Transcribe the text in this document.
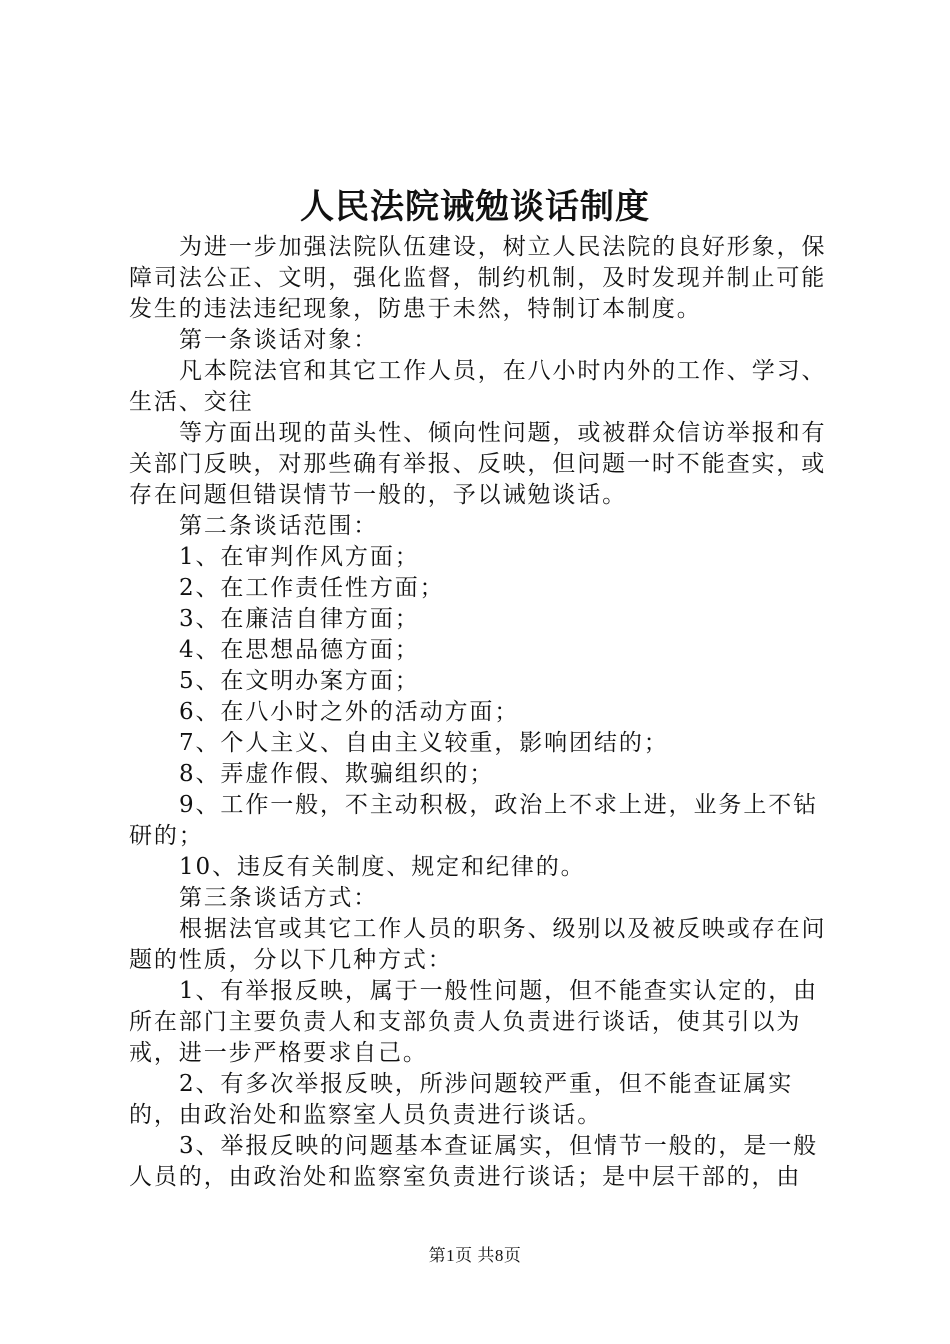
人民法院诫勉谈话制度

为进一步加强法院队伍建设，树立人民法院的良好形象，保障司法公正、文明，强化监督，制约机制，及时发现并制止可能发生的违法违纪现象，防患于未然，特制订本制度。

第一条谈话对象：

凡本院法官和其它工作人员，在八小时内外的工作、学习、生活、交往

等方面出现的苗头性、倾向性问题，或被群众信访举报和有关部门反映，对那些确有举报、反映，但问题一时不能查实，或存在问题但错误情节一般的，予以诫勉谈话。

第二条谈话范围：

1、在审判作风方面；

2、在工作责任性方面；

3、在廉洁自律方面；

4、在思想品德方面；

5、在文明办案方面；

6、在八小时之外的活动方面；

7、个人主义、自由主义较重，影响团结的；

8、弄虚作假、欺骗组织的；

9、工作一般，不主动积极，政治上不求上进，业务上不钻研的；

10、违反有关制度、规定和纪律的。

第三条谈话方式：

根据法官或其它工作人员的职务、级别以及被反映或存在问题的性质，分以下几种方式：

1、有举报反映，属于一般性问题，但不能查实认定的，由所在部门主要负责人和支部负责人负责进行谈话，使其引以为戒，进一步严格要求自己。

2、有多次举报反映，所涉问题较严重，但不能查证属实的，由政治处和监察室人员负责进行谈话。

3、举报反映的问题基本查证属实，但情节一般的，是一般人员的，由政治处和监察室负责进行谈话；是中层干部的，由

第1页 共8页
